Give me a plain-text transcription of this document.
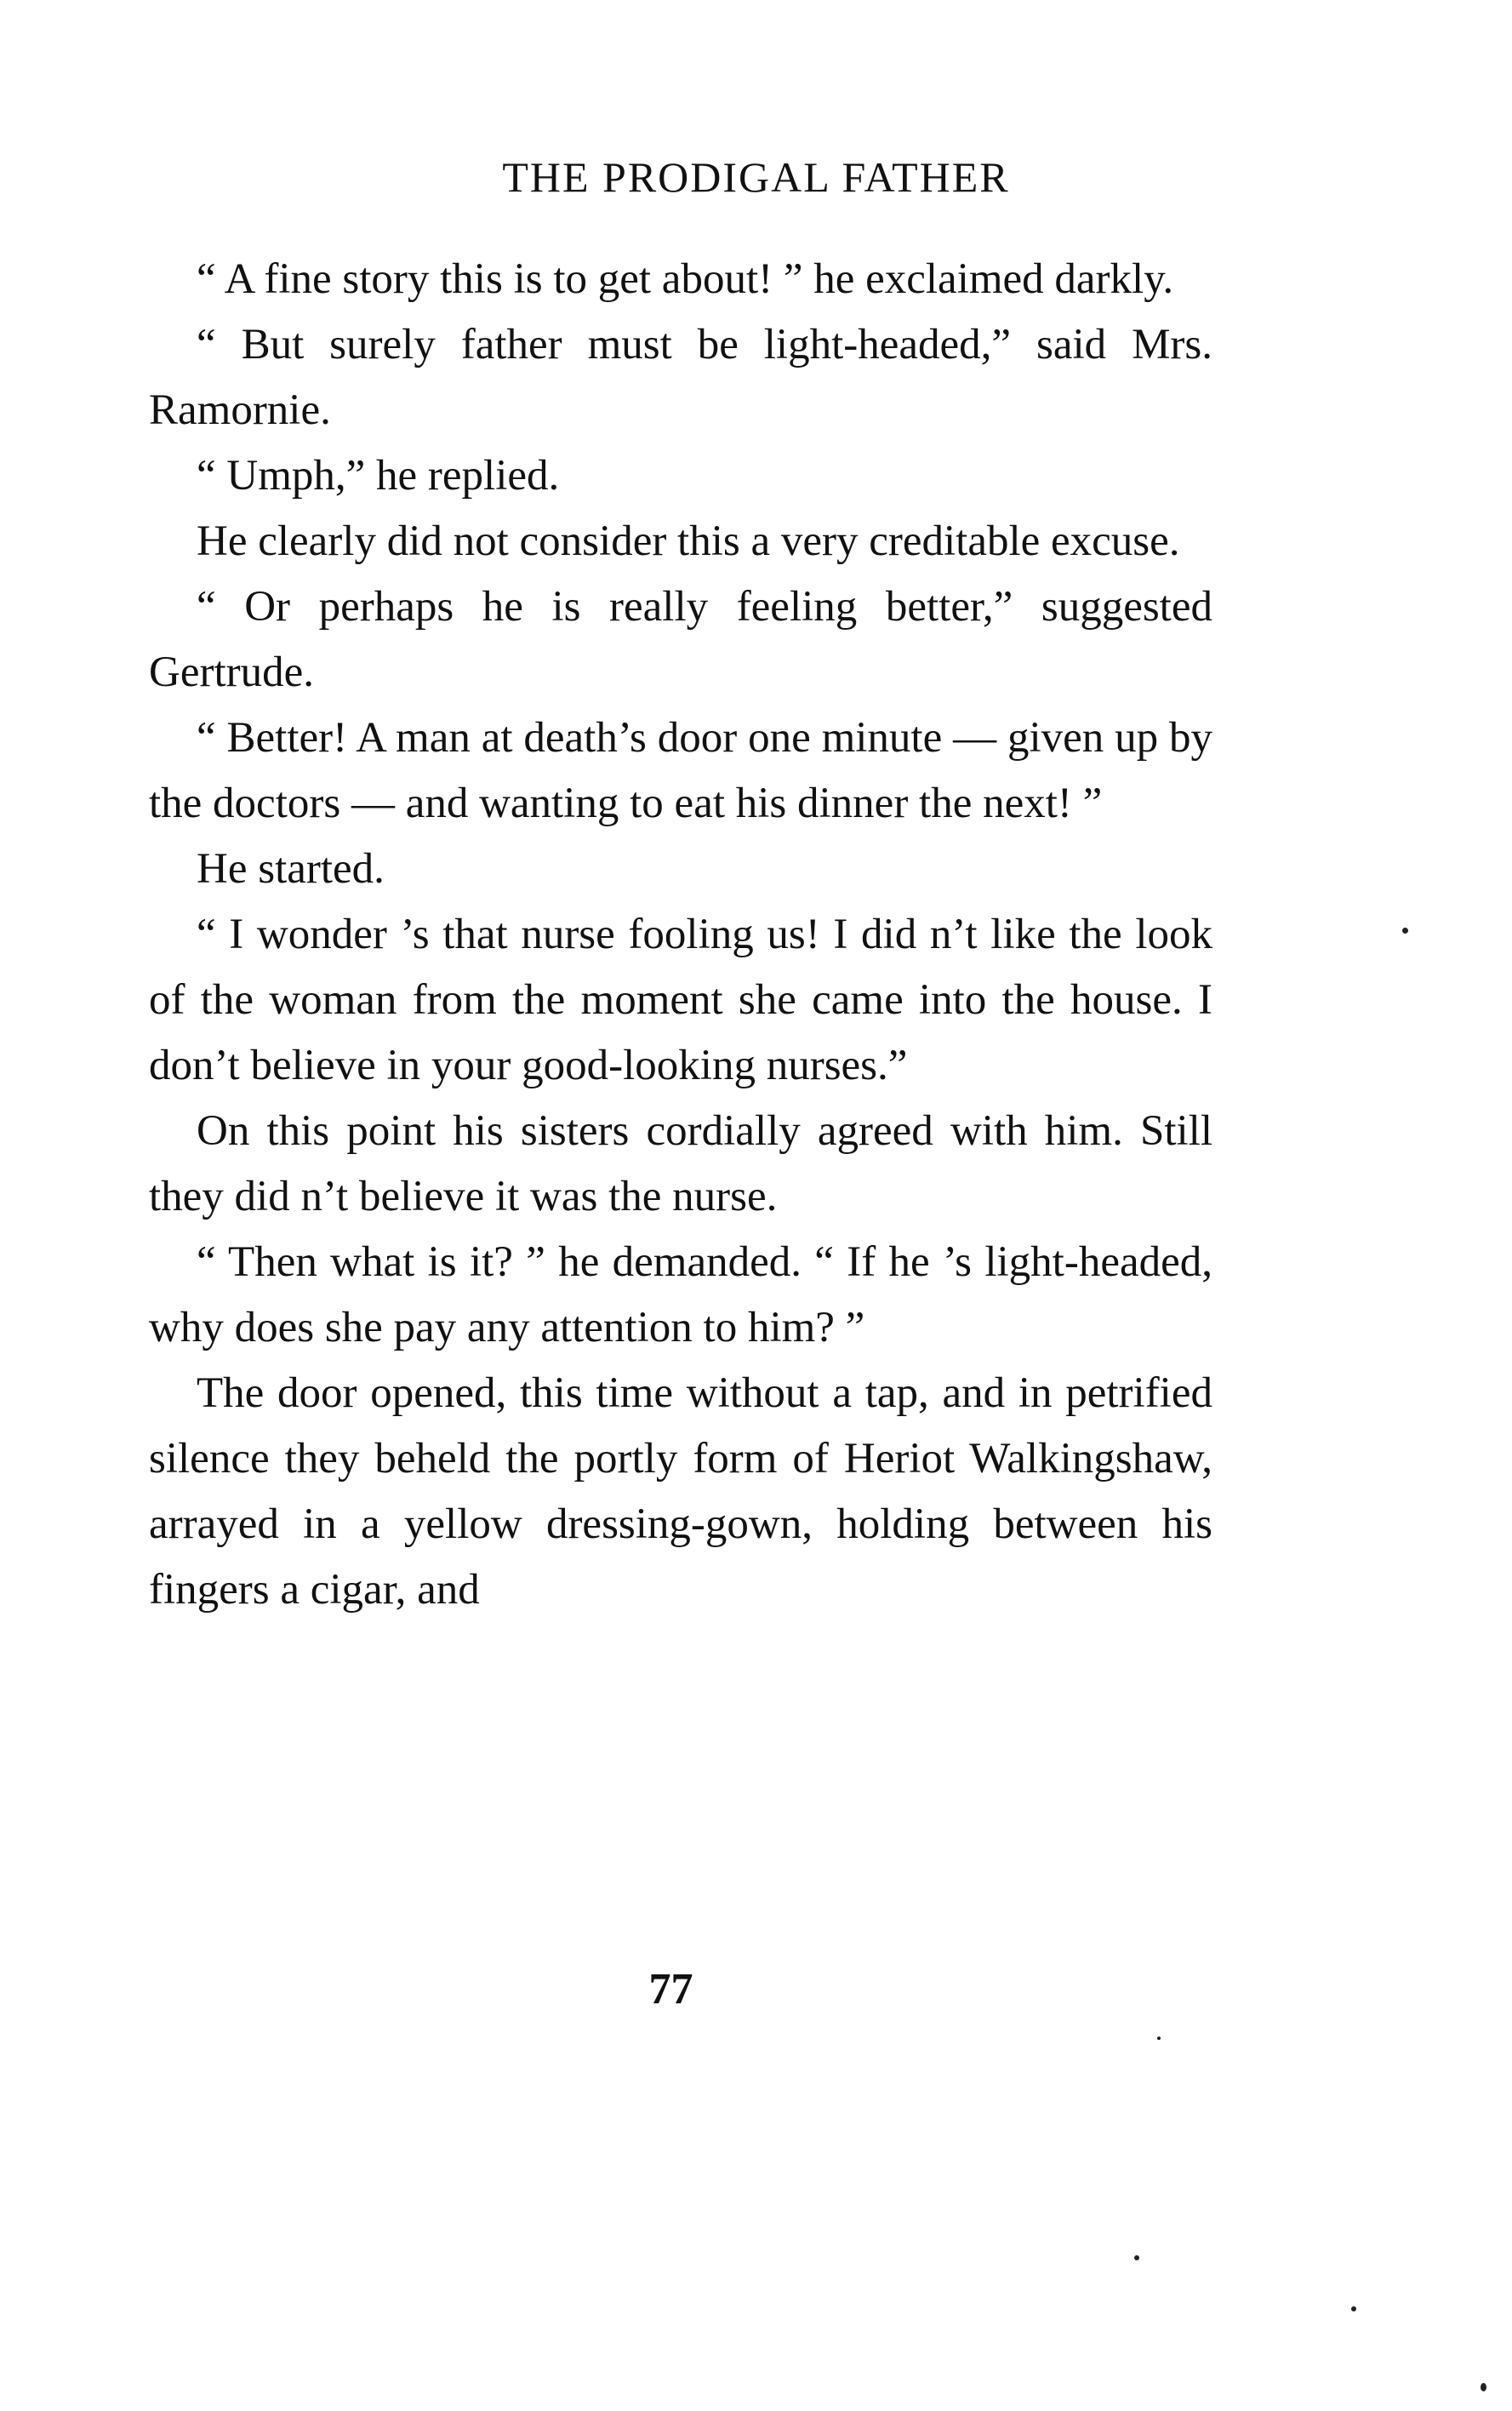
THE PRODIGAL FATHER

“ A fine story this is to get about! ” he exclaimed darkly.

“ But surely father must be light-headed,” said Mrs. Ramornie.

“ Umph,” he replied.

He clearly did not consider this a very creditable excuse.

“ Or perhaps he is really feeling better,” suggested Gertrude.

“ Better! A man at death’s door one minute — given up by the doctors — and wanting to eat his dinner the next! ”

He started.

“ I wonder ’s that nurse fooling us! I did n’t like the look of the woman from the moment she came into the house. I don’t believe in your good-looking nurses.”

On this point his sisters cordially agreed with him. Still they did n’t believe it was the nurse.

“ Then what is it? ” he demanded. “ If he ’s light-headed, why does she pay any attention to him? ”

The door opened, this time without a tap, and in petrified silence they beheld the portly form of Heriot Walkingshaw, arrayed in a yellow dressing-gown, holding between his fingers a cigar, and

77
